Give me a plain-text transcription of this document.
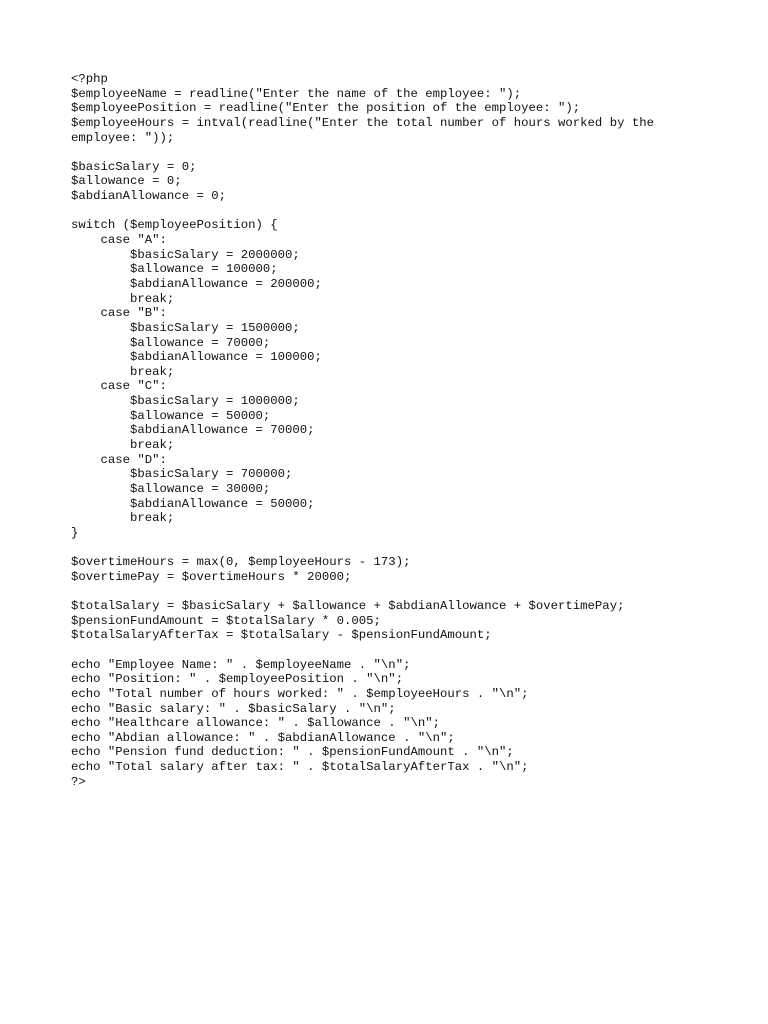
<?php
$employeeName = readline("Enter the name of the employee: ");
$employeePosition = readline("Enter the position of the employee: ");
$employeeHours = intval(readline("Enter the total number of hours worked by the
employee: "));
$basicSalary = 0;
$allowance = 0;
$abdianAllowance = 0;
switch ($employeePosition) {
case "A":
$basicSalary = 2000000;
$allowance = 100000;
$abdianAllowance = 200000;
break;
case "B":
$basicSalary = 1500000;
$allowance = 70000;
$abdianAllowance = 100000;
break;
case "C":
$basicSalary = 1000000;
$allowance = 50000;
$abdianAllowance = 70000;
break;
case "D":
$basicSalary = 700000;
$allowance = 30000;
$abdianAllowance = 50000;
break;
}
$overtimeHours = max(0, $employeeHours - 173);
$overtimePay = $overtimeHours * 20000;
$totalSalary = $basicSalary + $allowance + $abdianAllowance + $overtimePay;
$pensionFundAmount = $totalSalary * 0.005;
$totalSalaryAfterTax = $totalSalary - $pensionFundAmount;
echo "Employee Name: " . $employeeName . "\n";
echo "Position: " . $employeePosition . "\n";
echo "Total number of hours worked: " . $employeeHours . "\n";
echo "Basic salary: " . $basicSalary . "\n";
echo "Healthcare allowance: " . $allowance . "\n";
echo "Abdian allowance: " . $abdianAllowance . "\n";
echo "Pension fund deduction: " . $pensionFundAmount . "\n";
echo "Total salary after tax: " . $totalSalaryAfterTax . "\n";
?>
